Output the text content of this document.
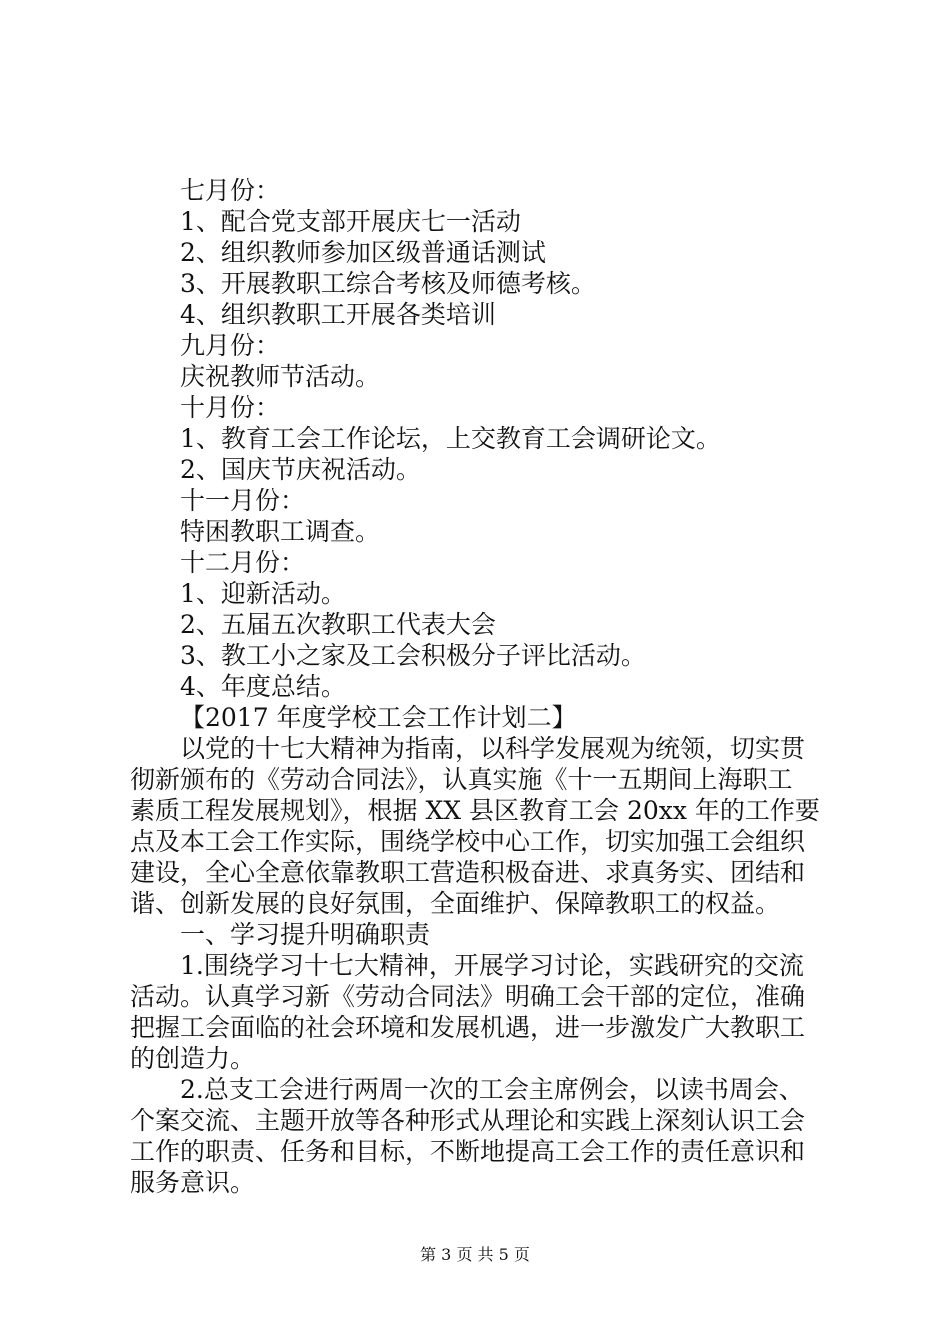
七月份：
1、配合党支部开展庆七一活动
2、组织教师参加区级普通话测试
3、开展教职工综合考核及师德考核。
4、组织教职工开展各类培训
九月份：
庆祝教师节活动。
十月份：
1、教育工会工作论坛，上交教育工会调研论文。
2、国庆节庆祝活动。
十一月份：
特困教职工调查。
十二月份：
1、迎新活动。
2、五届五次教职工代表大会
3、教工小之家及工会积极分子评比活动。
4、年度总结。
【2017 年度学校工会工作计划二】
以党的十七大精神为指南，以科学发展观为统领，切实贯
彻新颁布的《劳动合同法》，认真实施《十一五期间上海职工
素质工程发展规划》，根据 XX 县区教育工会 20xx 年的工作要
点及本工会工作实际，围绕学校中心工作，切实加强工会组织
建设，全心全意依靠教职工营造积极奋进、求真务实、团结和
谐、创新发展的良好氛围，全面维护、保障教职工的权益。
一、学习提升明确职责
1.围绕学习十七大精神，开展学习讨论，实践研究的交流
活动。认真学习新《劳动合同法》明确工会干部的定位，准确
把握工会面临的社会环境和发展机遇，进一步激发广大教职工
的创造力。
2.总支工会进行两周一次的工会主席例会，以读书周会、
个案交流、主题开放等各种形式从理论和实践上深刻认识工会
工作的职责、任务和目标，不断地提高工会工作的责任意识和
服务意识。
第 3 页 共 5 页
